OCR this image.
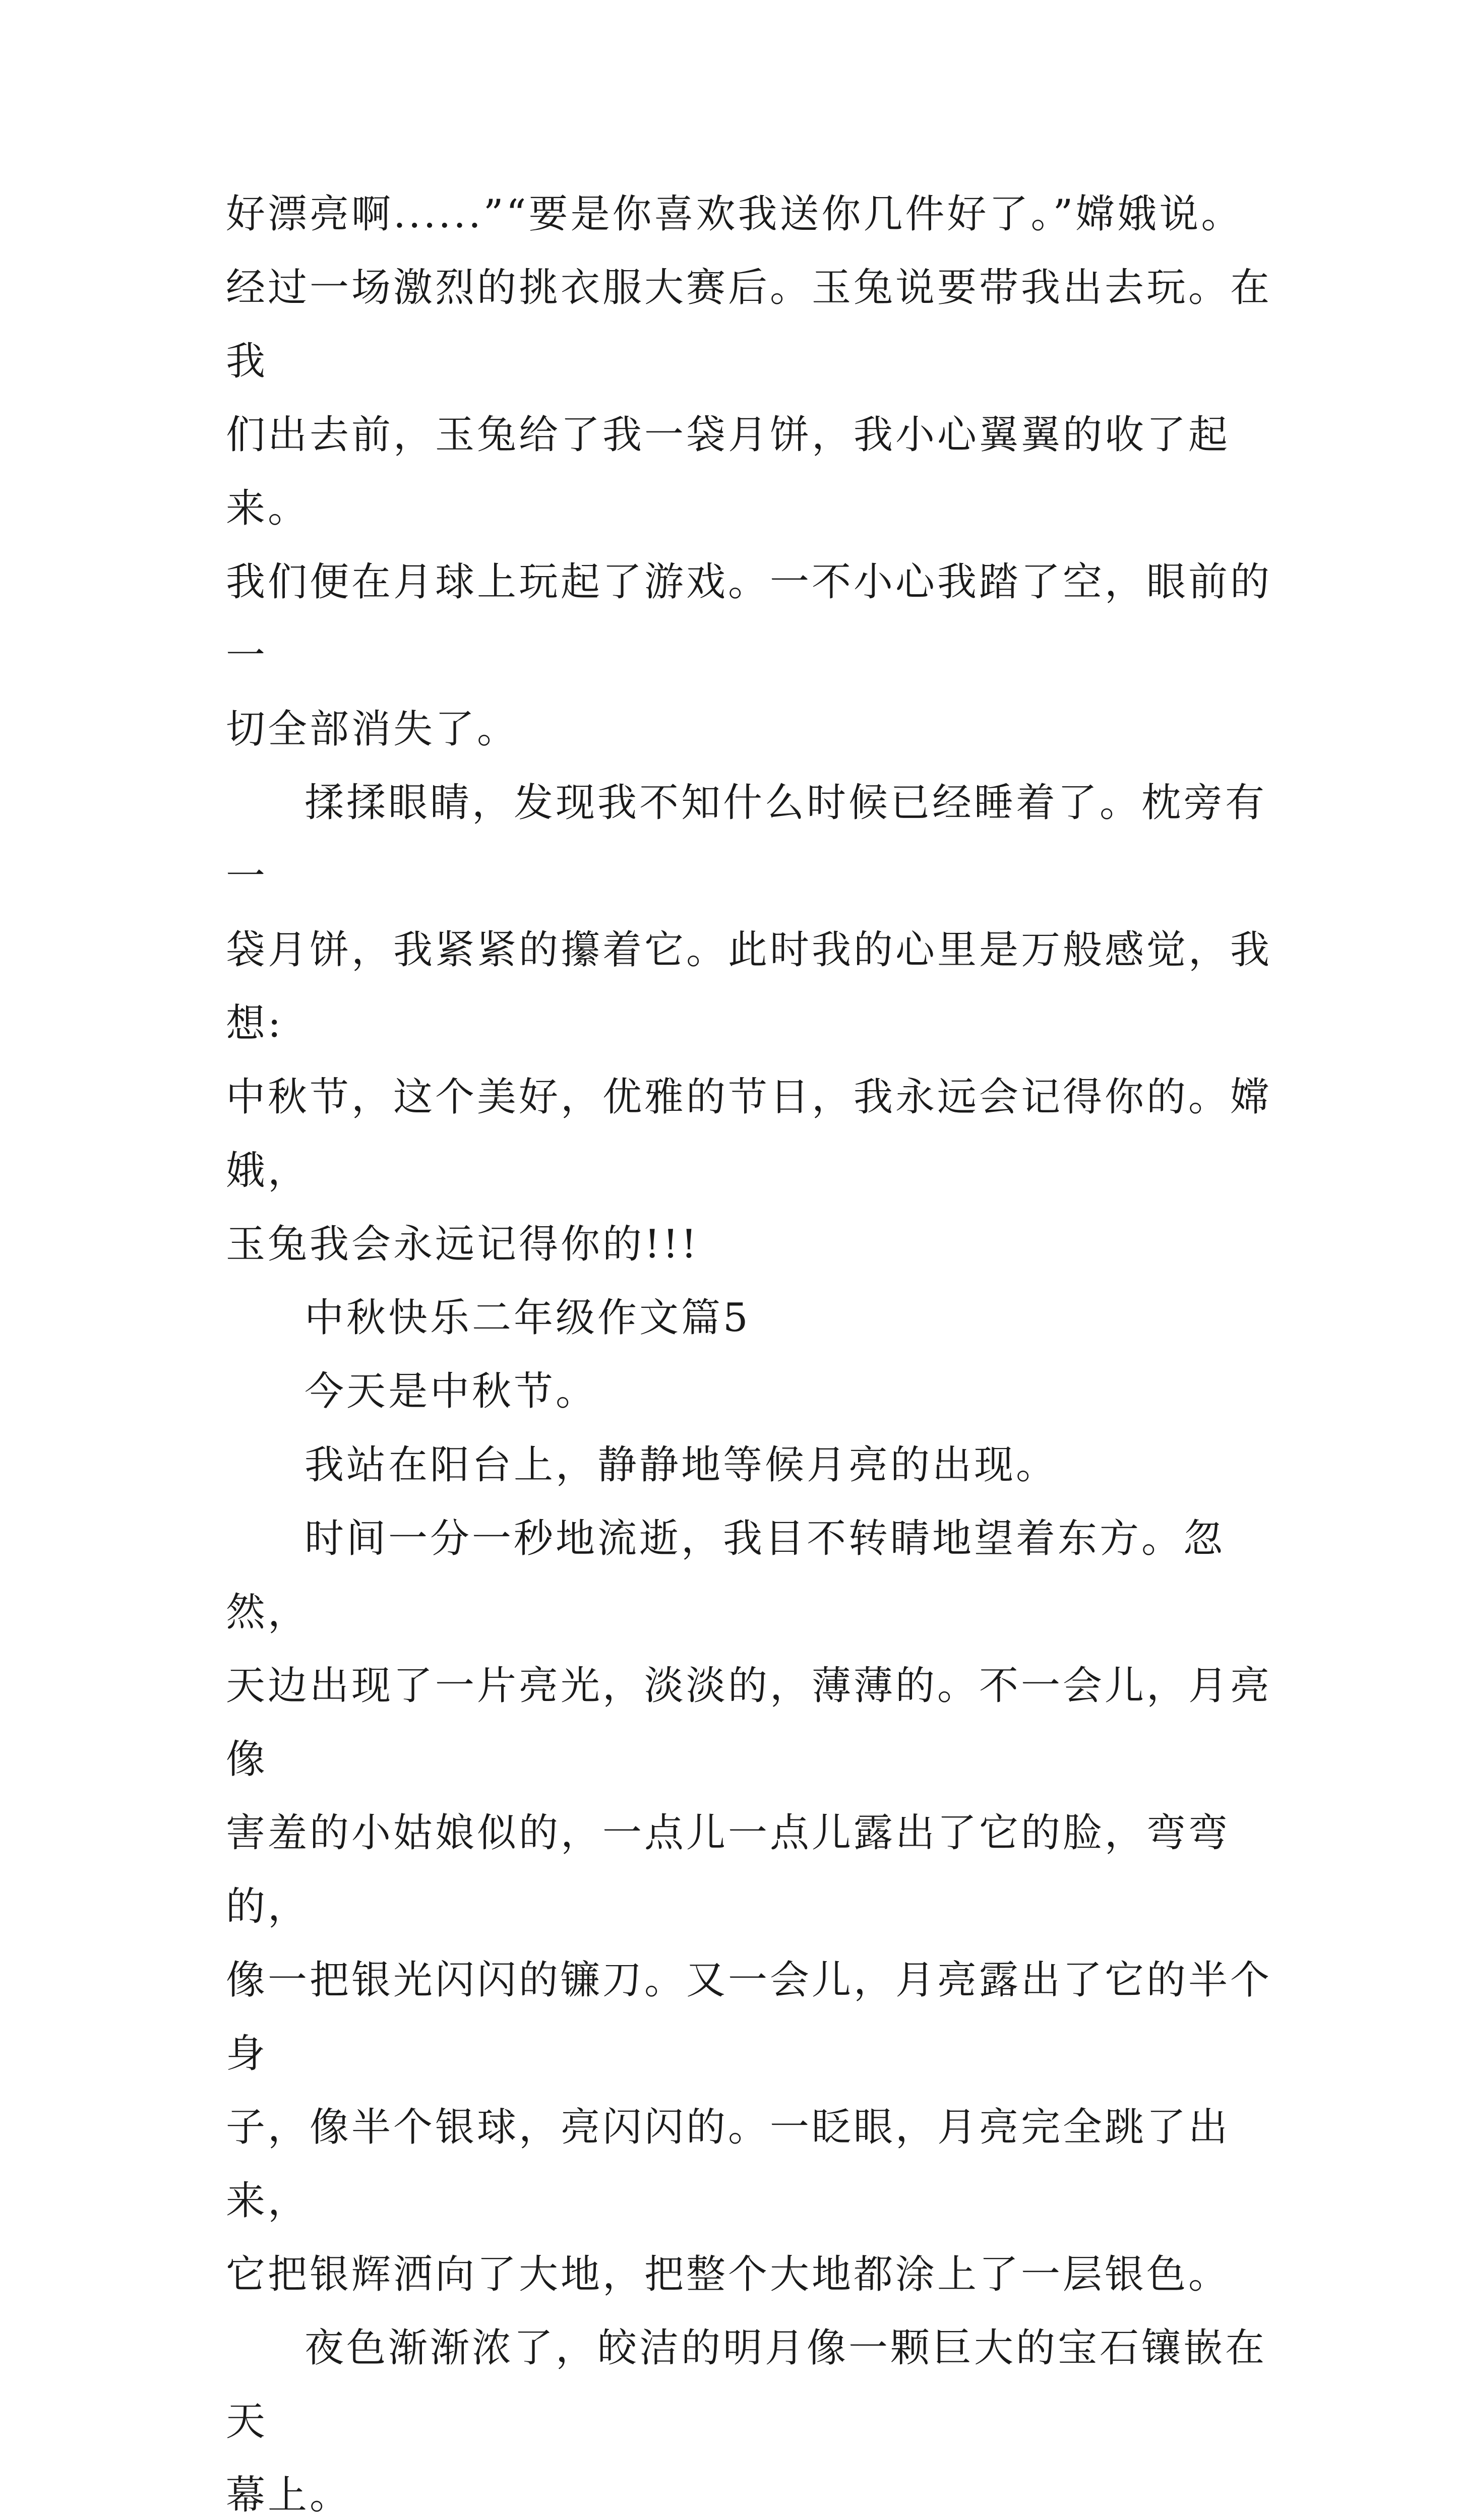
好漂亮啊......”“要是你喜欢我送你几件好了。”嫦娥说。
经过一场激烈的挑衣服大赛后。玉兔说要带我出去玩。在我
们出去前，玉兔给了我一袋月饼，我小心翼翼的收了起来。
我们便在月球上玩起了游戏。一不小心我踏了空，眼前的一
切全部消失了。
揉揉眼睛，发现我不知什么时候已经睡着了。枕旁有一
袋月饼，我紧紧的攥着它。此时我的心里是万般感觉，我想:
中秋节，这个美好，优雅的节日，我永远会记得你的。嫦娥，
玉兔我会永远记得你的!!!
中秋快乐二年级作文篇5
今天是中秋节。
我站在阳台上，静静地等候月亮的出现。
时间一分一秒地流逝，我目不转睛地望着东方。忽然，
天边出现了一片亮光，淡淡的，薄薄的。不一会儿，月亮像
害羞的小姑娘似的，一点儿一点儿露出了它的脸，弯弯的，
像一把银光闪闪的镰刀。又一会儿，月亮露出了它的半个身
子，像半个银球，亮闪闪的。一眨眼，月亮完全跳了出来，
它把银辉洒向了大地，把整个大地都涂上了一层银色。
夜色渐渐浓了，皎洁的明月像一颗巨大的宝石镶嵌在天
幕上。
